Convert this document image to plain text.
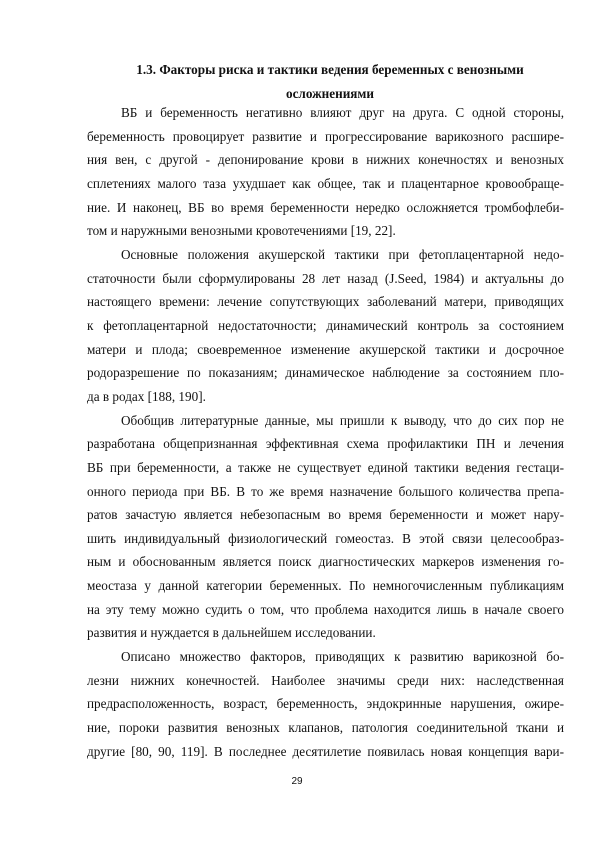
1.3. Факторы риска и тактики ведения беременных с венозными
осложнениями
ВБ и беременность негативно влияют друг на друга. С одной стороны,
беременность провоцирует развитие и прогрессирование варикозного расшире-
ния вен, с другой - депонирование крови в нижних конечностях и венозных
сплетениях малого таза ухудшает как общее, так и плацентарное кровообраще-
ние. И наконец, ВБ во время беременности нередко осложняется тромбофлеби-
том и наружными венозными кровотечениями [19, 22].
Основные положения акушерской тактики при фетоплацентарной недо-
статочности были сформулированы 28 лет назад (J.Seed, 1984) и актуальны до
настоящего времени: лечение сопутствующих заболеваний матери, приводящих
к фетоплацентарной недостаточности; динамический контроль за состоянием
матери и плода; своевременное изменение акушерской тактики и досрочное
родоразрешение по показаниям; динамическое наблюдение за состоянием пло-
да в родах [188, 190].
Обобщив литературные данные, мы пришли к выводу, что до сих пор не
разработана общепризнанная эффективная схема профилактики ПН и лечения
ВБ при беременности, а также не существует единой тактики ведения гестаци-
онного периода при ВБ. В то же время назначение большого количества препа-
ратов зачастую является небезопасным во время беременности и может нару-
шить индивидуальный физиологический гомеостаз. В этой связи целесообраз-
ным и обоснованным является поиск диагностических маркеров изменения го-
меостаза у данной категории беременных. По немногочисленным публикациям
на эту тему можно судить о том, что проблема находится лишь в начале своего
развития и нуждается в дальнейшем исследовании.
Описано множество факторов, приводящих к развитию варикозной бо-
лезни нижних конечностей. Наиболее значимы среди них: наследственная
предрасположенность, возраст, беременность, эндокринные нарушения, ожире-
ние, пороки развития венозных клапанов, патология соединительной ткани и
другие [80, 90, 119]. В последнее десятилетие появилась новая концепция вари-
29
